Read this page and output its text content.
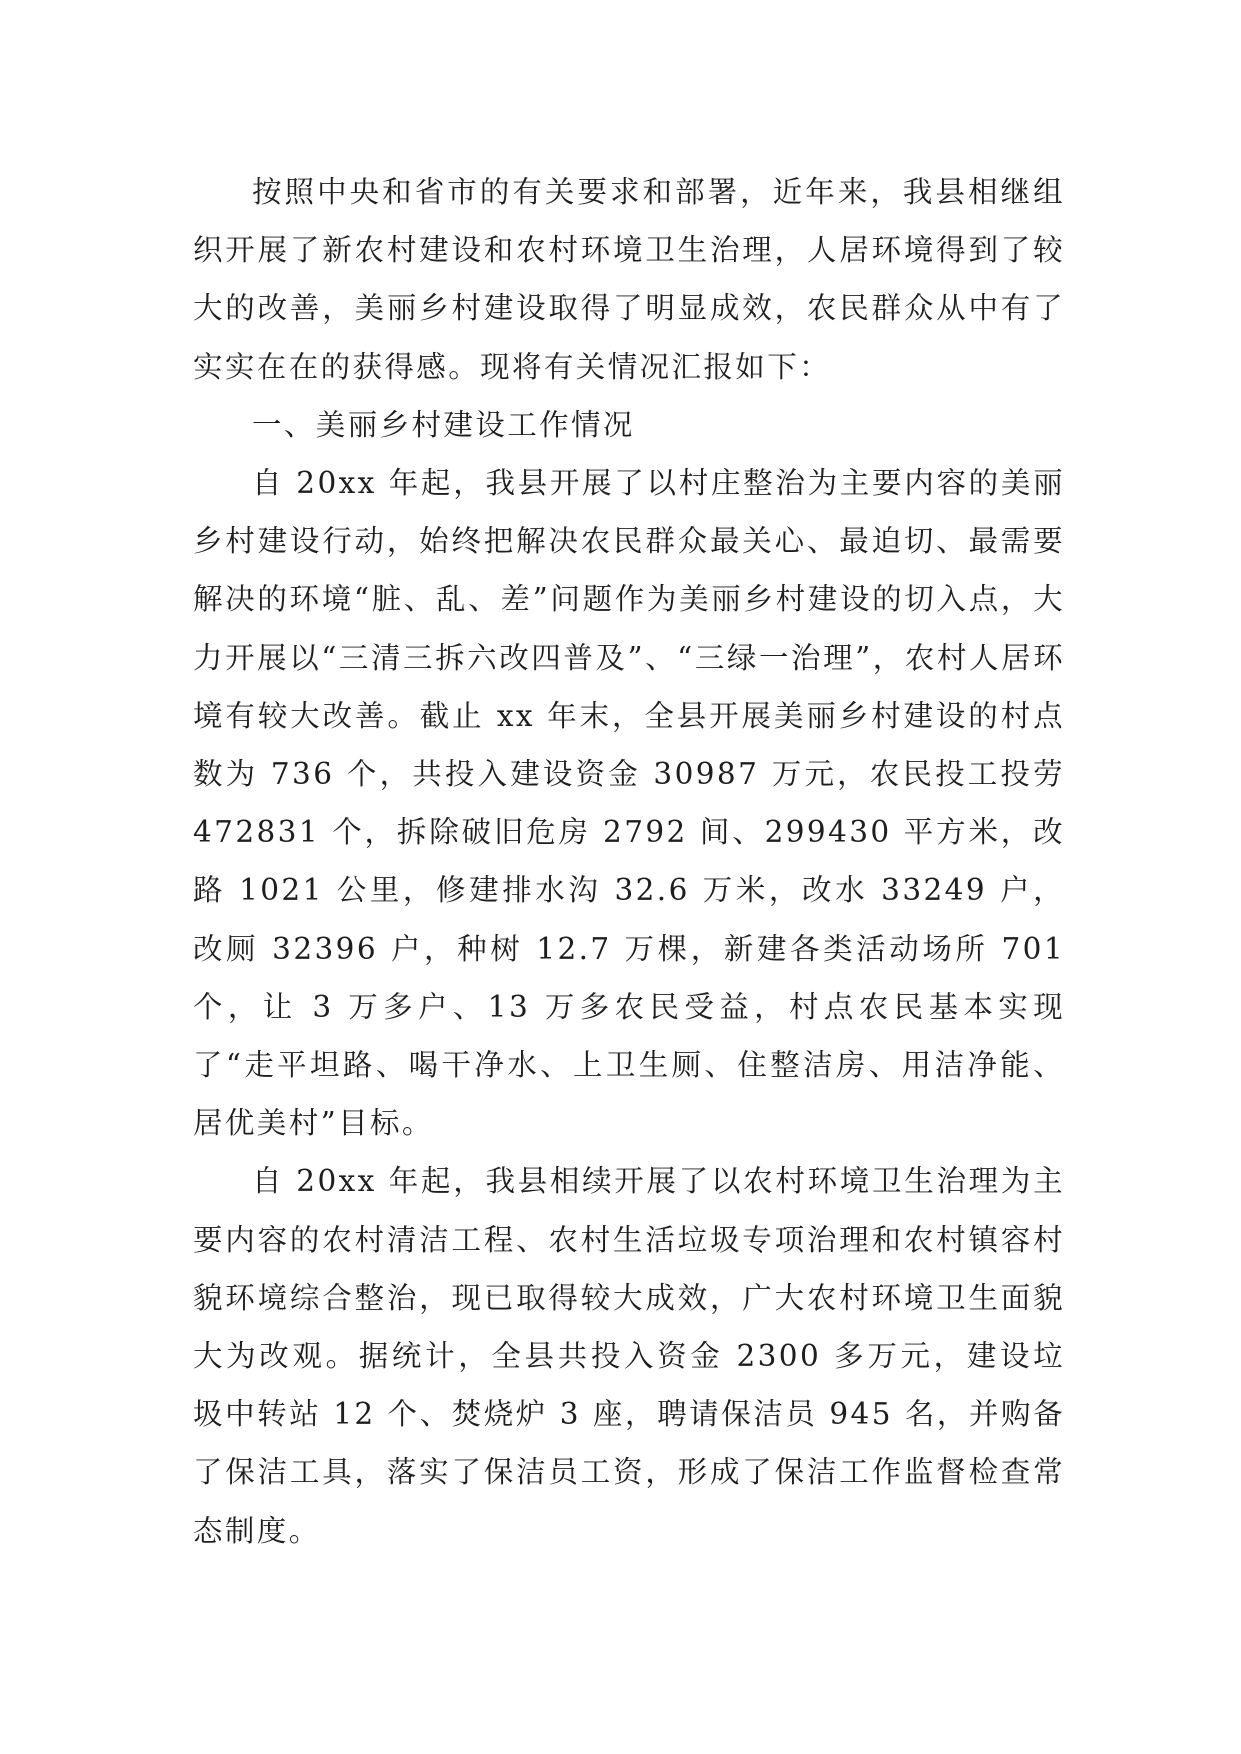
按照中央和省市的有关要求和部署，近年来，我县相继组织开展了新农村建设和农村环境卫生治理，人居环境得到了较大的改善，美丽乡村建设取得了明显成效，农民群众从中有了实实在在的获得感。现将有关情况汇报如下：

一、美丽乡村建设工作情况

自 20xx 年起，我县开展了以村庄整治为主要内容的美丽乡村建设行动，始终把解决农民群众最关心、最迫切、最需要解决的环境“脏、乱、差”问题作为美丽乡村建设的切入点，大力开展以“三清三拆六改四普及”、“三绿一治理”，农村人居环境有较大改善。截止 xx 年末，全县开展美丽乡村建设的村点数为 736 个，共投入建设资金 30987 万元，农民投工投劳 472831 个，拆除破旧危房 2792 间、299430 平方米，改路 1021 公里，修建排水沟 32.6 万米，改水 33249 户，改厕 32396 户，种树 12.7 万棵，新建各类活动场所 701 个，让 3 万多户、13 万多农民受益，村点农民基本实现了“走平坦路、喝干净水、上卫生厕、住整洁房、用洁净能、居优美村”目标。

自 20xx 年起，我县相续开展了以农村环境卫生治理为主要内容的农村清洁工程、农村生活垃圾专项治理和农村镇容村貌环境综合整治，现已取得较大成效，广大农村环境卫生面貌大为改观。据统计，全县共投入资金 2300 多万元，建设垃圾中转站 12 个、焚烧炉 3 座，聘请保洁员 945 名，并购备了保洁工具，落实了保洁员工资，形成了保洁工作监督检查常态制度。
